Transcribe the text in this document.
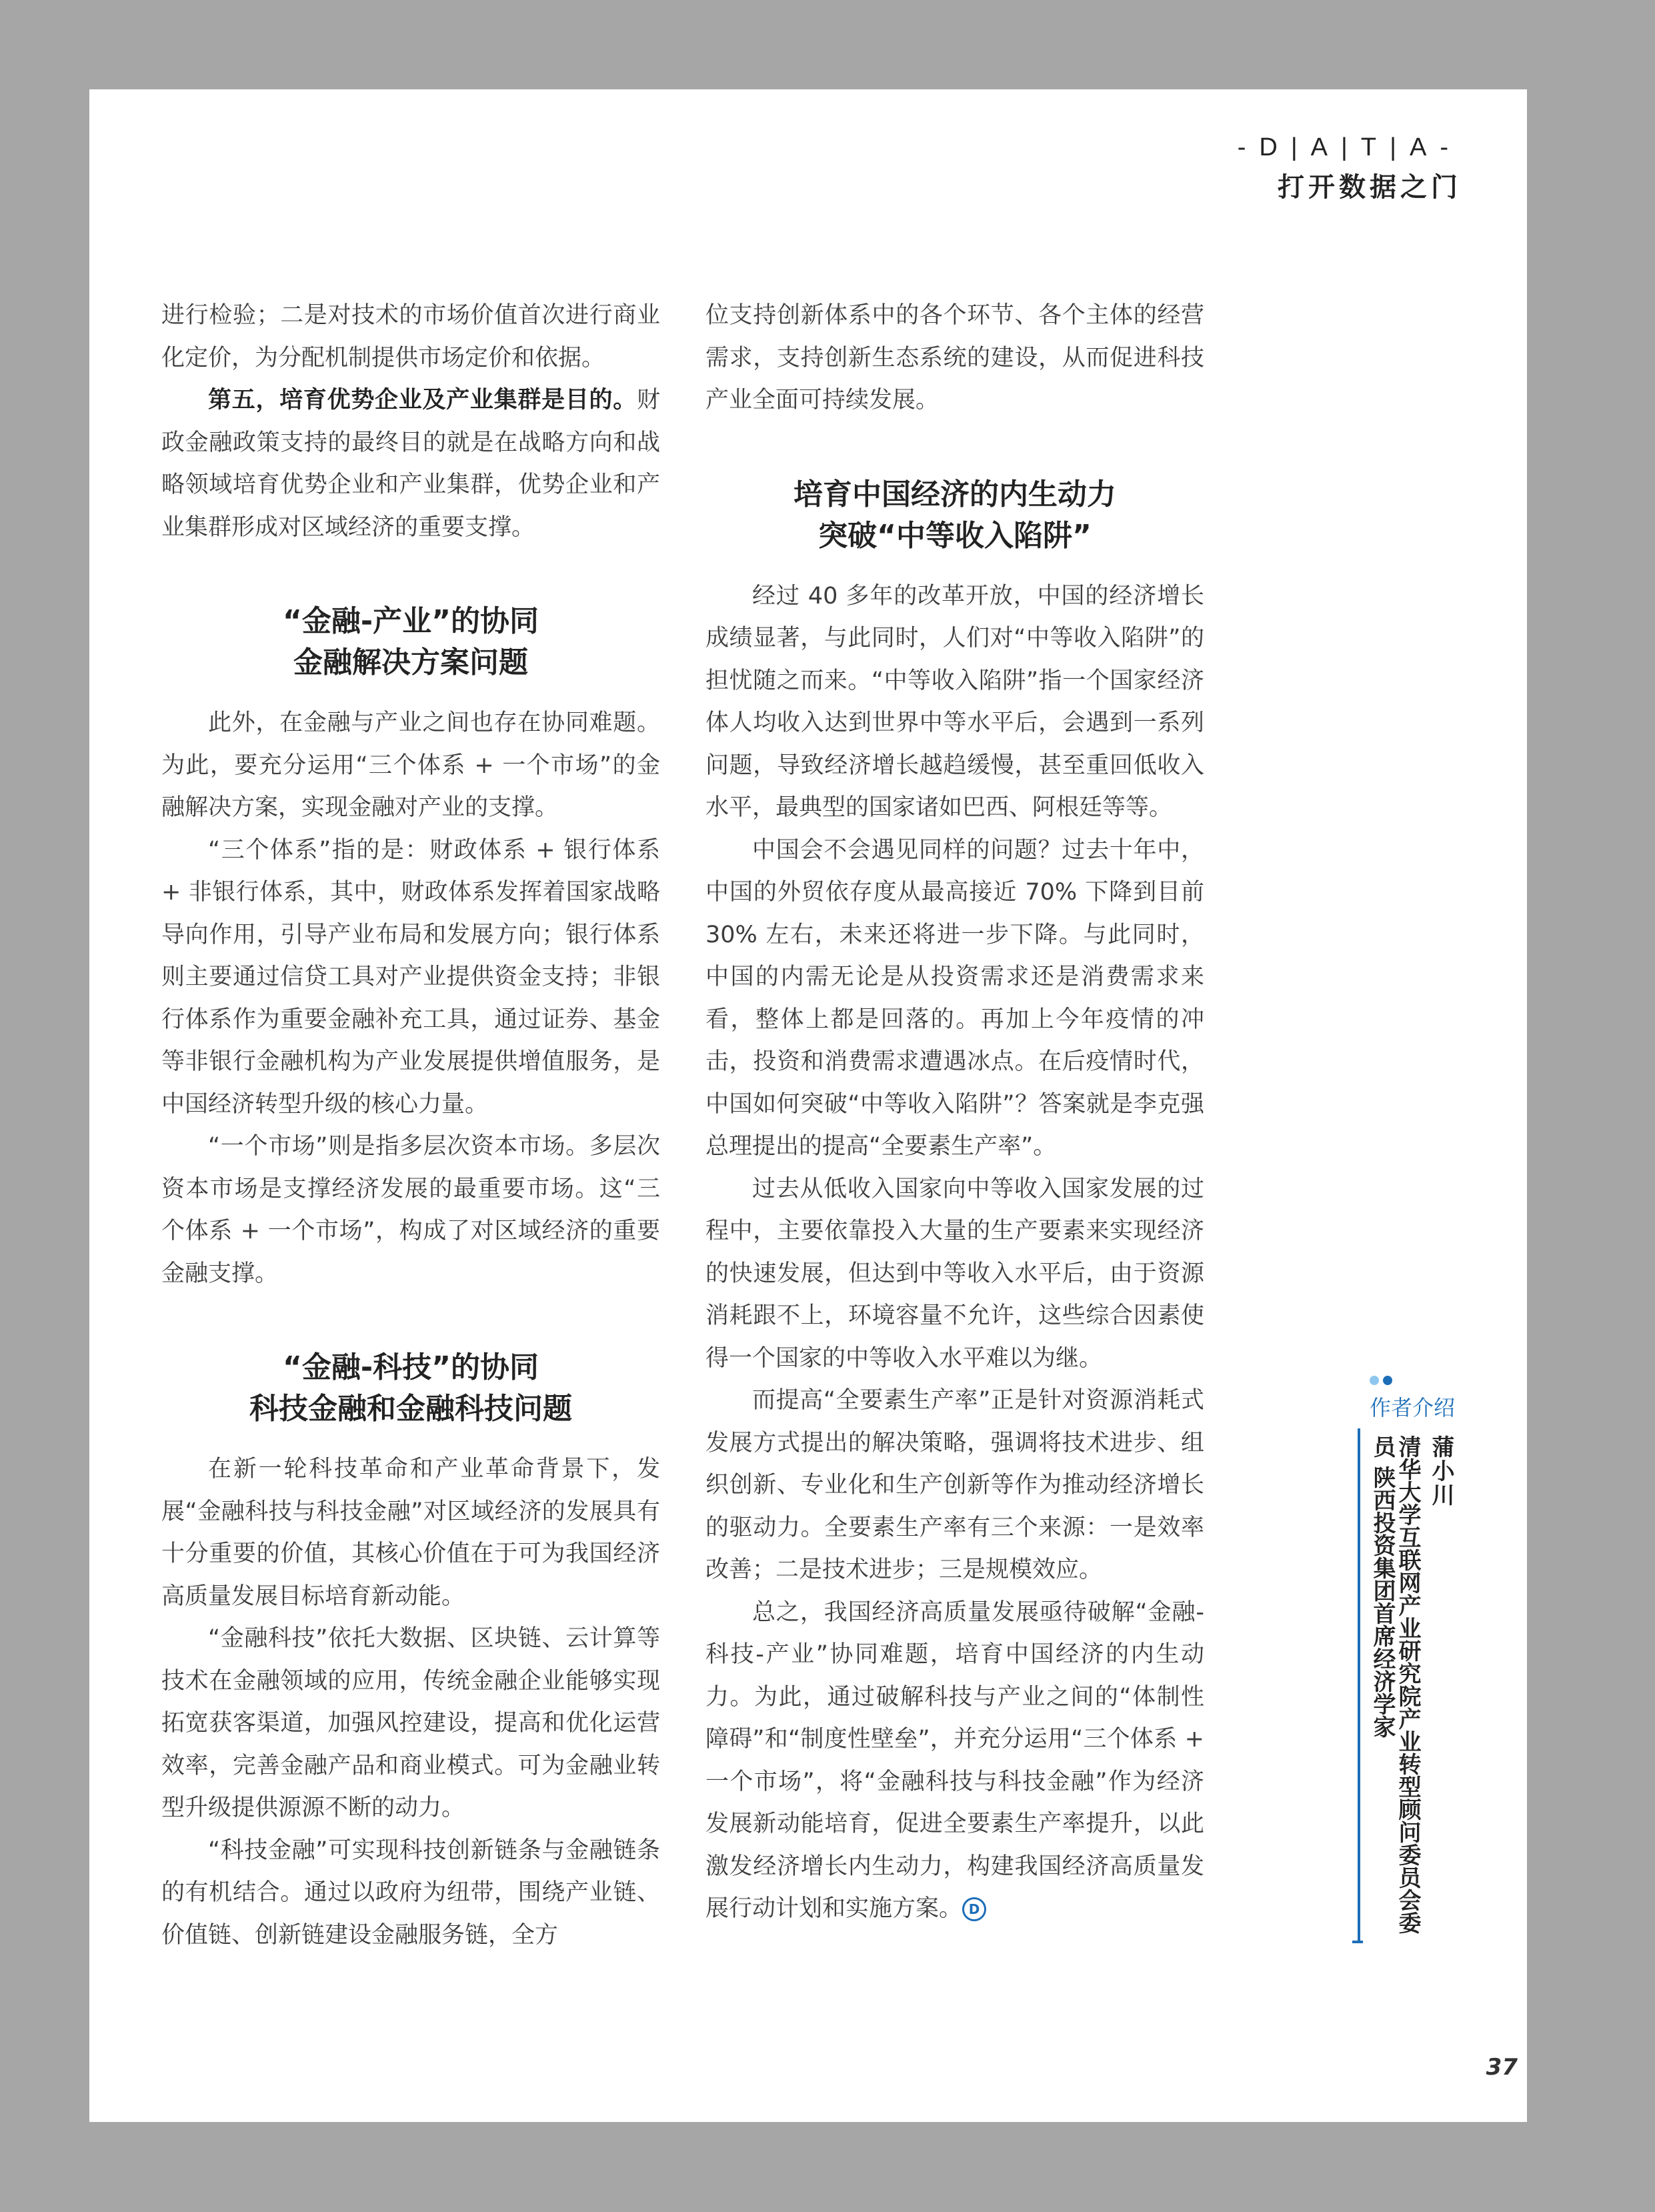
-D|A|T|A-
打开数据之门

进行检验；二是对技术的市场价值首次进行商业化定价，为分配机制提供市场定价和依据。

第五，培育优势企业及产业集群是目的。财政金融政策支持的最终目的就是在战略方向和战略领域培育优势企业和产业集群，优势企业和产业集群形成对区域经济的重要支撑。

“金融-产业”的协同

金融解决方案问题

此外，在金融与产业之间也存在协同难题。为此，要充分运用“三个体系 + 一个市场”的金融解决方案，实现金融对产业的支撑。

“三个体系”指的是：财政体系 + 银行体系 + 非银行体系，其中，财政体系发挥着国家战略导向作用，引导产业布局和发展方向；银行体系则主要通过信贷工具对产业提供资金支持；非银行体系作为重要金融补充工具，通过证券、基金等非银行金融机构为产业发展提供增值服务，是中国经济转型升级的核心力量。

“一个市场”则是指多层次资本市场。多层次资本市场是支撑经济发展的最重要市场。这“三个体系 + 一个市场”，构成了对区域经济的重要金融支撑。

“金融-科技”的协同

科技金融和金融科技问题

在新一轮科技革命和产业革命背景下，发展“金融科技与科技金融”对区域经济的发展具有十分重要的价值，其核心价值在于可为我国经济高质量发展目标培育新动能。

“金融科技”依托大数据、区块链、云计算等技术在金融领域的应用，传统金融企业能够实现拓宽获客渠道，加强风控建设，提高和优化运营效率，完善金融产品和商业模式。可为金融业转型升级提供源源不断的动力。

“科技金融”可实现科技创新链条与金融链条的有机结合。通过以政府为纽带，围绕产业链、价值链、创新链建设金融服务链，全方

位支持创新体系中的各个环节、各个主体的经营需求，支持创新生态系统的建设，从而促进科技产业全面可持续发展。

培育中国经济的内生动力

突破“中等收入陷阱”

经过 40 多年的改革开放，中国的经济增长成绩显著，与此同时，人们对“中等收入陷阱”的担忧随之而来。“中等收入陷阱”指一个国家经济体人均收入达到世界中等水平后，会遇到一系列问题，导致经济增长越趋缓慢，甚至重回低收入水平，最典型的国家诸如巴西、阿根廷等等。

中国会不会遇见同样的问题？过去十年中，中国的外贸依存度从最高接近 70% 下降到目前 30% 左右，未来还将进一步下降。与此同时，中国的内需无论是从投资需求还是消费需求来看，整体上都是回落的。再加上今年疫情的冲击，投资和消费需求遭遇冰点。在后疫情时代，中国如何突破“中等收入陷阱”？答案就是李克强总理提出的提高“全要素生产率”。

过去从低收入国家向中等收入国家发展的过程中，主要依靠投入大量的生产要素来实现经济的快速发展，但达到中等收入水平后，由于资源消耗跟不上，环境容量不允许，这些综合因素使得一个国家的中等收入水平难以为继。

而提高“全要素生产率”正是针对资源消耗式发展方式提出的解决策略，强调将技术进步、组织创新、专业化和生产创新等作为推动经济增长的驱动力。全要素生产率有三个来源：一是效率改善；二是技术进步；三是规模效应。

总之，我国经济高质量发展亟待破解“金融-科技-产业”协同难题，培育中国经济的内生动力。为此，通过破解科技与产业之间的“体制性障碍”和“制度性壁垒”，并充分运用“三个体系 + 一个市场”，将“金融科技与科技金融”作为经济发展新动能培育，促进全要素生产率提升，以此激发经济增长内生动力，构建我国经济高质量发展行动计划和实施方案。 D

作者介绍
蒲小川
清华大学互联网产业研究院产业转型顾问委员会委员 陕西投资集团首席经济学家
37
